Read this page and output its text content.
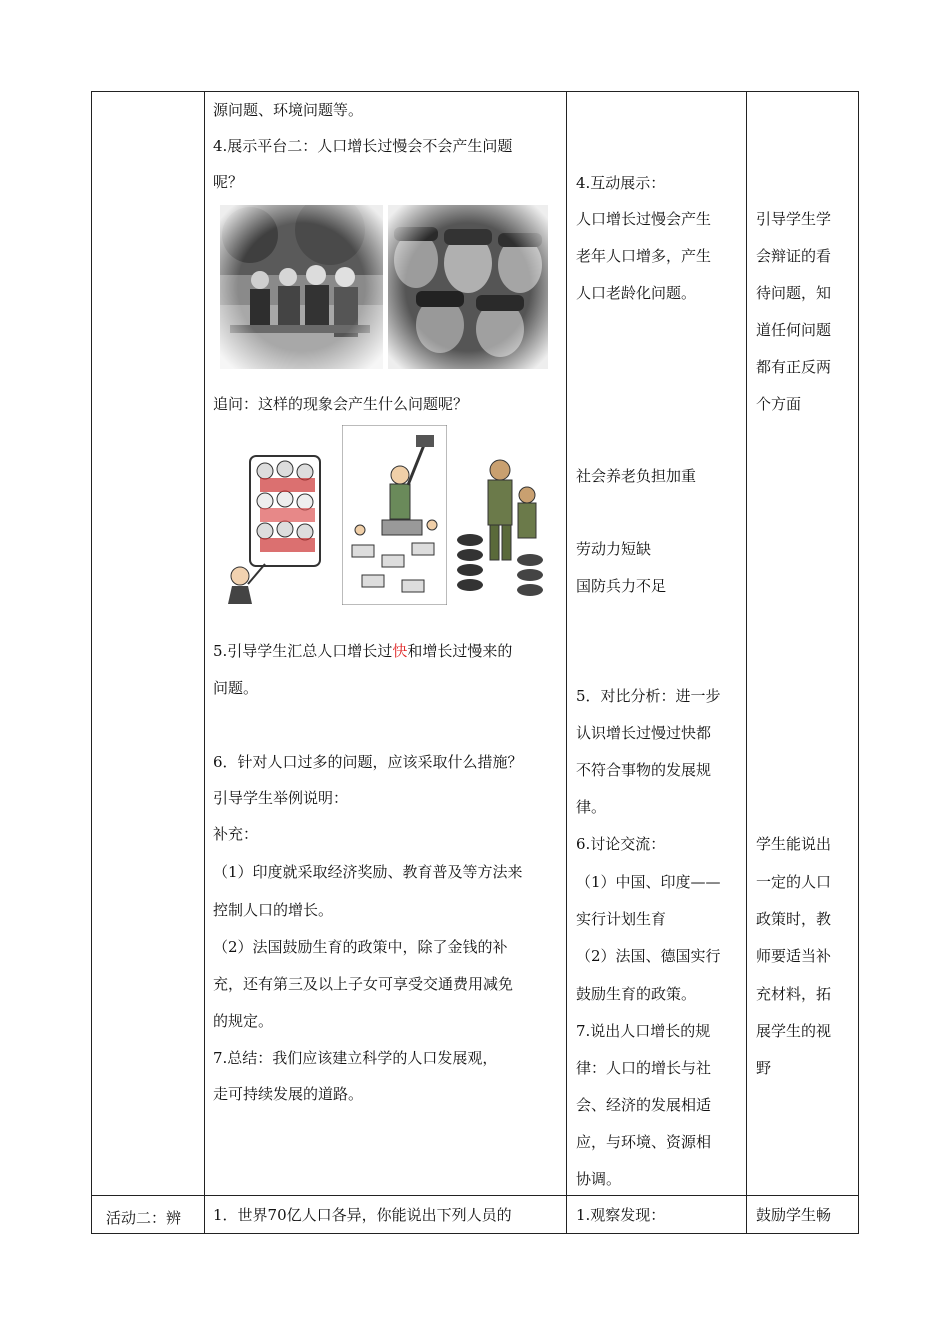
源问题、环境问题等。
4.展示平台二：人口增长过慢会不会产生问题
呢？
追问：这样的现象会产生什么问题呢？
5.引导学生汇总人口增长过快和增长过慢来的
问题。
6．针对人口过多的问题，应该采取什么措施？
引导学生举例说明：
补充：
（1）印度就采取经济奖励、教育普及等方法来
控制人口的增长。
（2）法国鼓励生育的政策中，除了金钱的补
充，还有第三及以上子女可享受交通费用减免
的规定。
7.总结：我们应该建立科学的人口发展观，
走可持续发展的道路。
4.互动展示：
人口增长过慢会产生
老年人口增多，产生
人口老龄化问题。
社会养老负担加重
劳动力短缺
国防兵力不足
5．对比分析：进一步
认识增长过慢过快都
不符合事物的发展规
律。
6.讨论交流：
（1）中国、印度——
实行计划生育
（2）法国、德国实行
鼓励生育的政策。
7.说出人口增长的规
律：人口的增长与社
会、经济的发展相适
应，与环境、资源相
协调。
引导学生学
会辩证的看
待问题，知
道任何问题
都有正反两
个方面
学生能说出
一定的人口
政策时，教
师要适当补
充材料，拓
展学生的视
野
活动二：辨 1．世界70亿人口各异，你能说出下列人员的	1.观察发现：	鼓励学生畅
